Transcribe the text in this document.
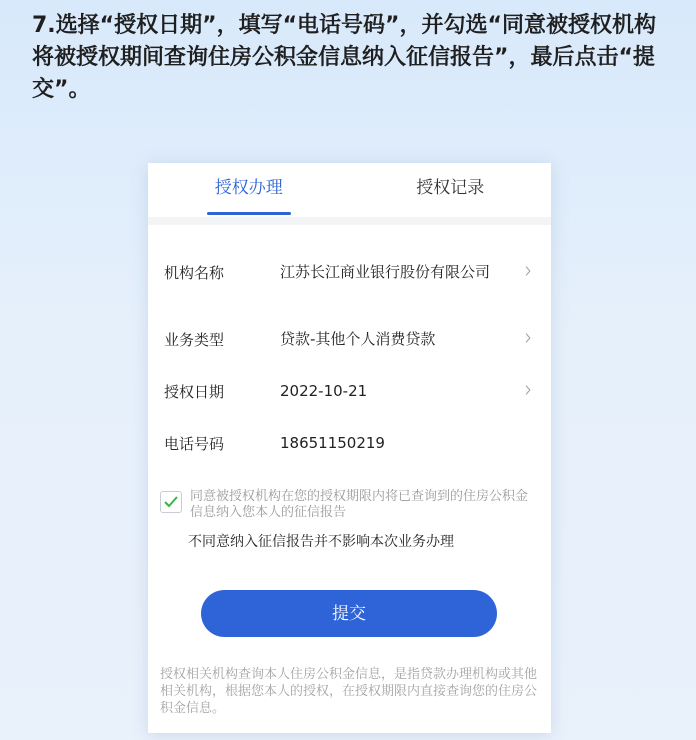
7.选择“授权日期”，填写“电话号码”，并勾选“同意被授权机构将被授权期间查询住房公积金信息纳入征信报告”，最后点击“提交”。

授权办理	授权记录
机构名称	江苏长江商业银行股份有限公司
业务类型	贷款-其他个人消费贷款
授权日期	2022-10-21
电话号码	18651150219
同意被授权机构在您的授权期限内将已查询到的住房公积金信息纳入您本人的征信报告
不同意纳入征信报告并不影响本次业务办理
提交
授权相关机构查询本人住房公积金信息，是指贷款办理机构或其他相关机构，根据您本人的授权，在授权期限内直接查询您的住房公积金信息。
